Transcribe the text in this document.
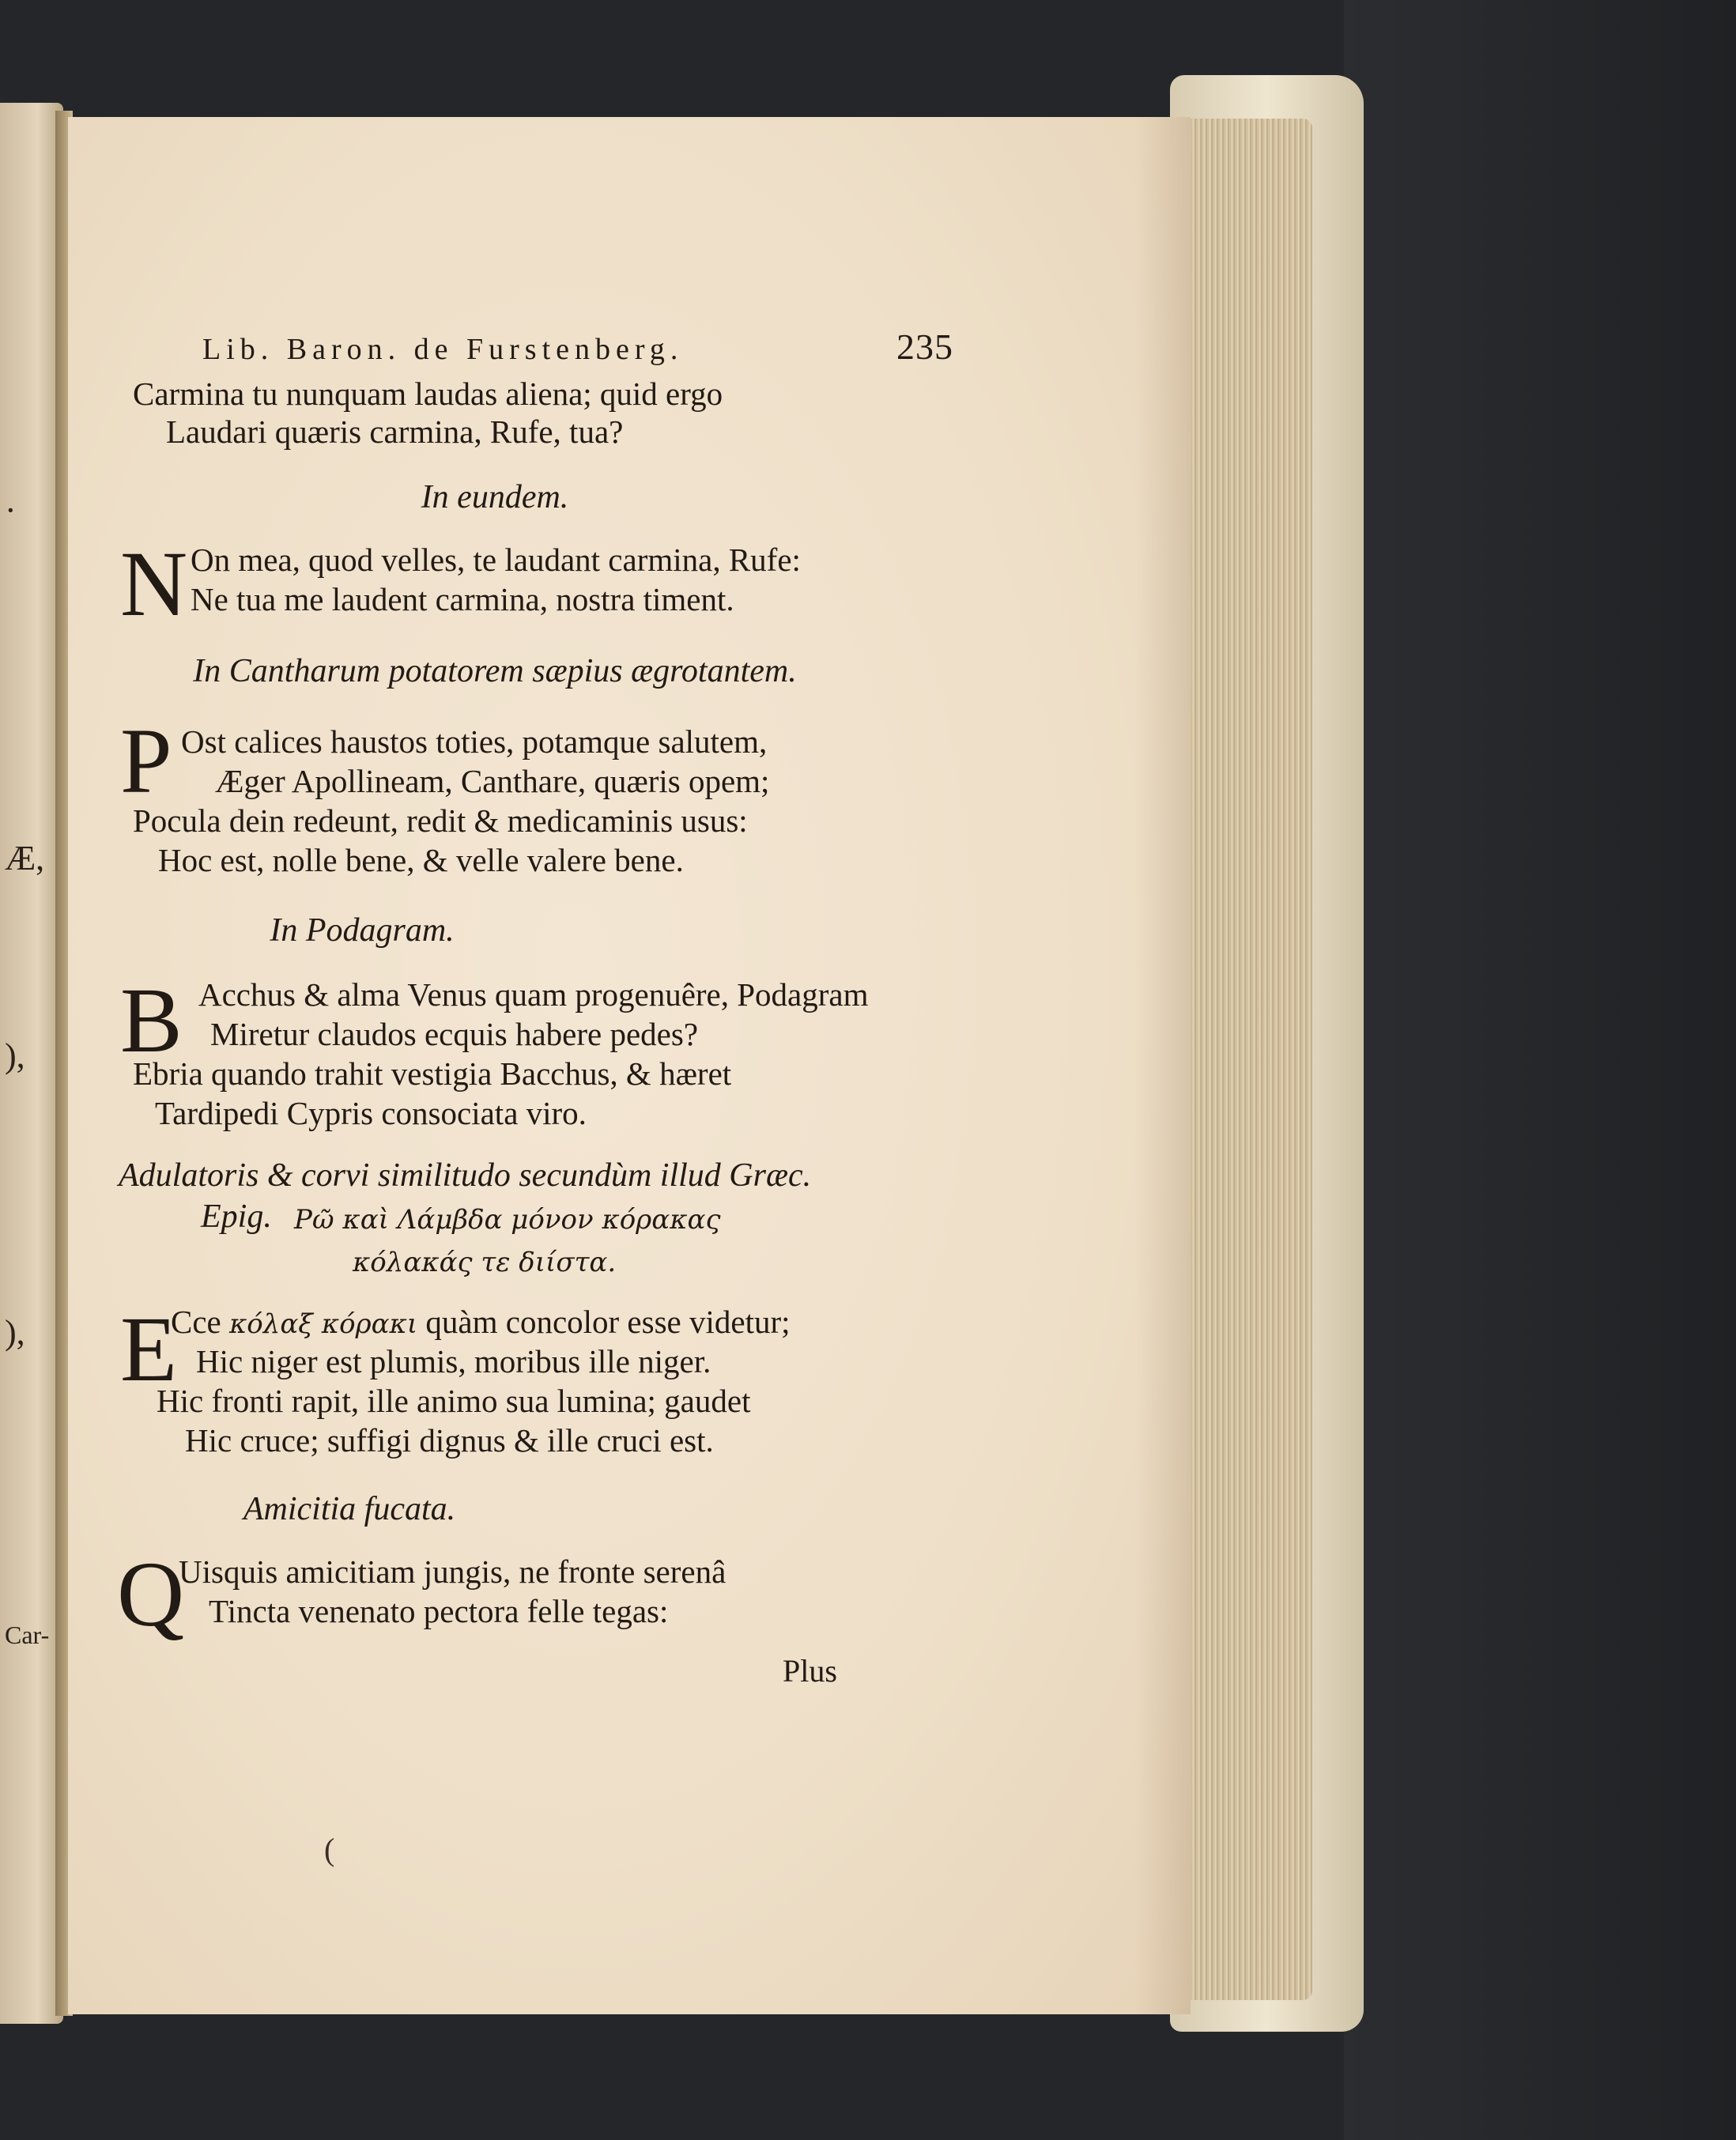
·
Æ,
),
),
Car-
Lib. Baron. de Furstenberg.	235
Carmina tu nunquam laudas aliena; quid ergo
Laudari quæris carmina, Rufe, tua?
In eundem.
N On mea, quod velles, te laudant carmina, Rufe:
Ne tua me laudent carmina, nostra timent.
In Cantharum potatorem sæpius ægrotantem.
P Ost calices haustos toties, potamque salutem,
Æger Apollineam, Canthare, quæris opem;
Pocula dein redeunt, redit & medicaminis usus:
Hoc est, nolle bene, & velle valere bene.
In Podagram.
B Acchus & alma Venus quam progenuêre, Podagram
Miretur claudos ecquis habere pedes?
Ebria quando trahit vestigia Bacchus, & hæret
Tardipedi Cypris consociata viro.
Adulatoris & corvi similitudo secundùm illud Græc.
Epig. Ρῶ καὶ Λάμβδα μόνον κόρακας
κόλακάς τε διίστα.
E
Cce κόλαξ κόρακι quàm concolor esse videtur;
Hic niger est plumis, moribus ille niger.
Hic fronti rapit, ille animo sua lumina; gaudet
Hic cruce; suffigi dignus & ille cruci est.
Amicitia fucata.
Q
Uisquis amicitiam jungis, ne fronte serenâ
Tincta venenato pectora felle tegas:
Plus
(
